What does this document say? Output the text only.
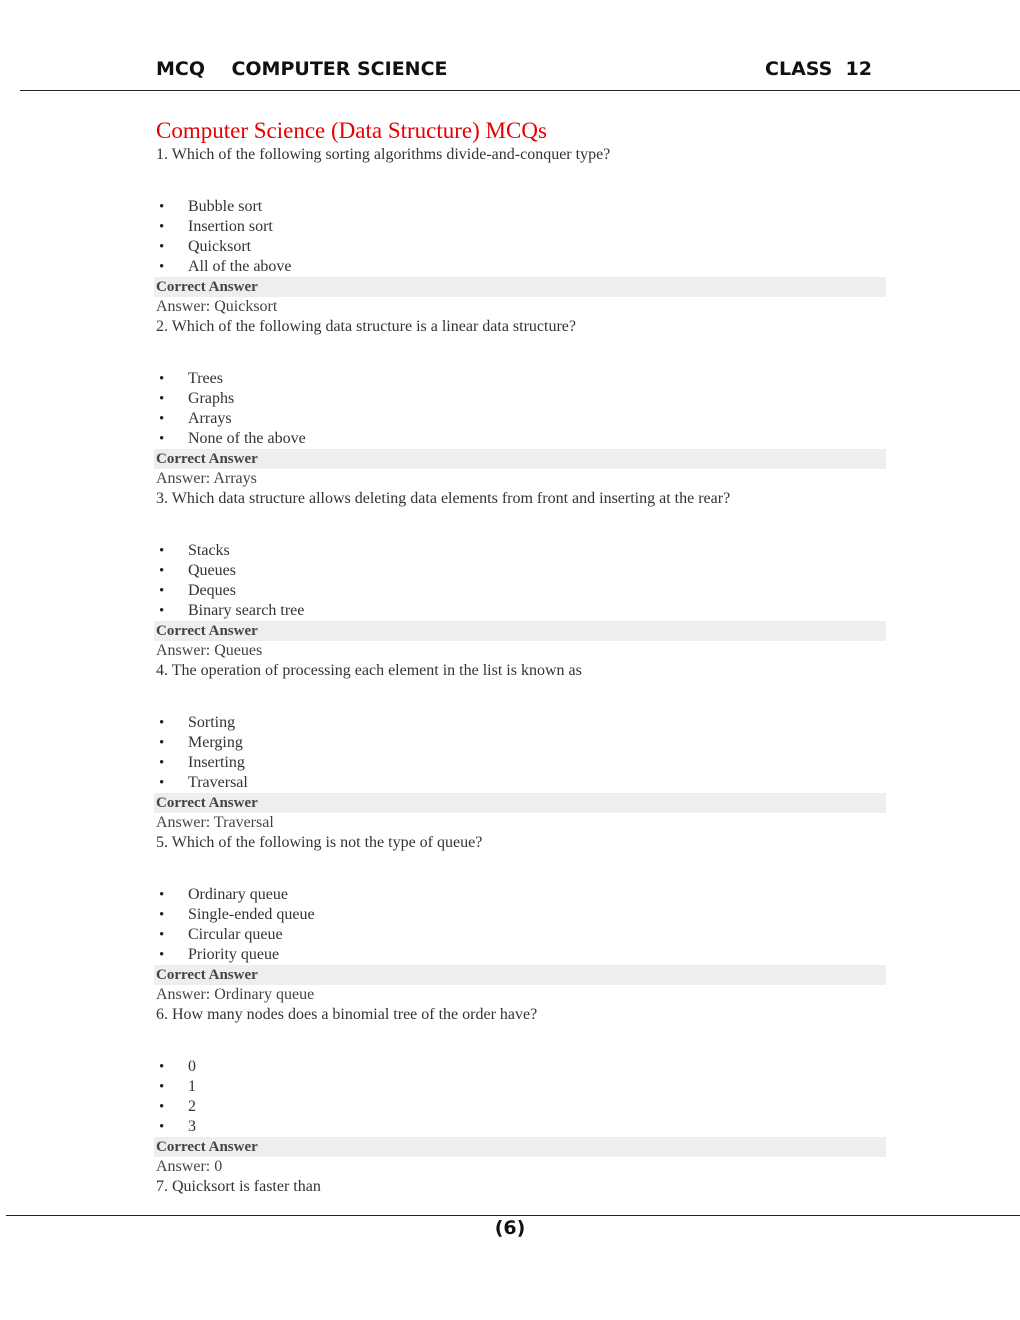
MCQ    COMPUTER SCIENCE	CLASS  12
Computer Science (Data Structure) MCQs
1. Which of the following sorting algorithms divide-and-conquer type?
• Bubble sort
• Insertion sort
• Quicksort
• All of the above
Correct Answer
Answer: Quicksort
2. Which of the following data structure is a linear data structure?
• Trees
• Graphs
• Arrays
• None of the above
Correct Answer
Answer: Arrays
3. Which data structure allows deleting data elements from front and inserting at the rear?
• Stacks
• Queues
• Deques
• Binary search tree
Correct Answer
Answer: Queues
4. The operation of processing each element in the list is known as
• Sorting
• Merging
• Inserting
• Traversal
Correct Answer
Answer: Traversal
5. Which of the following is not the type of queue?
• Ordinary queue
• Single-ended queue
• Circular queue
• Priority queue
Correct Answer
Answer: Ordinary queue
6. How many nodes does a binomial tree of the order have?
• 0
• 1
• 2
• 3
Correct Answer
Answer: 0
7. Quicksort is faster than
(6)
